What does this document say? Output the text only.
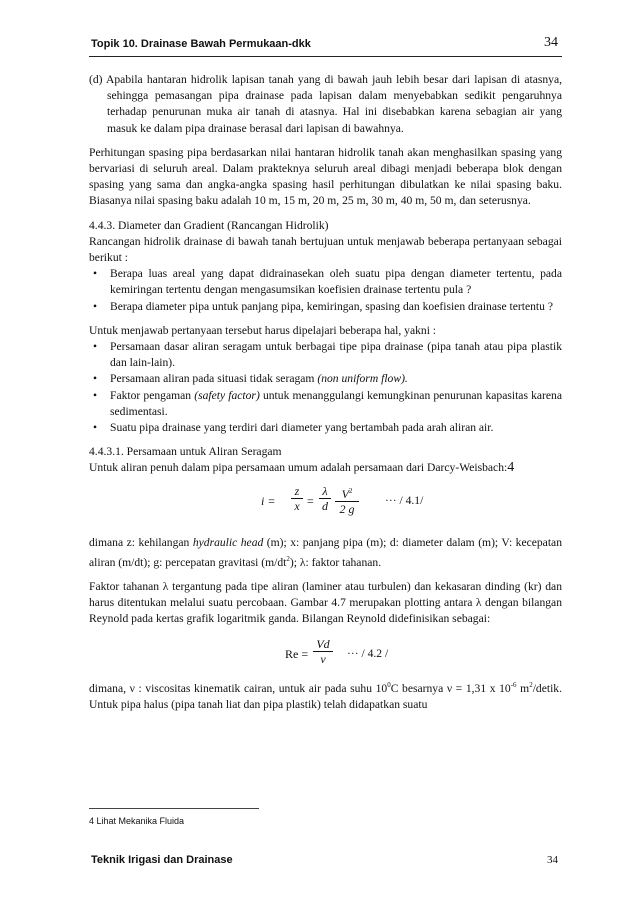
Topik 10. Drainase Bawah Permukaan-dkk	34

(d) Apabila hantaran hidrolik lapisan tanah yang di bawah jauh lebih besar dari lapisan di atasnya, sehingga pemasangan pipa drainase pada lapisan dalam menyebabkan sedikit pengaruhnya terhadap penurunan muka air tanah di atasnya. Hal ini disebabkan karena sebagian air yang masuk ke dalam pipa drainase berasal dari lapisan di bawahnya.

Perhitungan spasing pipa berdasarkan nilai hantaran hidrolik tanah akan menghasilkan spasing yang bervariasi di seluruh areal. Dalam prakteknya seluruh areal dibagi menjadi beberapa blok dengan spasing yang sama dan angka-angka spasing hasil perhitungan dibulatkan ke nilai spasing baku. Biasanya nilai spasing baku adalah 10 m, 15 m, 20 m, 25 m, 30 m, 40 m, 50 m, dan seterusnya.

4.4.3. Diameter dan Gradient (Rancangan Hidrolik)

Rancangan hidrolik drainase di bawah tanah bertujuan untuk menjawab beberapa pertanyaan sebagai berikut :

• Berapa luas areal yang dapat didrainasekan oleh suatu pipa dengan diameter tertentu, pada kemiringan tertentu dengan mengasumsikan koefisien drainase tertentu pula ?
• Berapa diameter pipa untuk panjang pipa, kemiringan, spasing dan koefisien drainase tertentu ?

Untuk menjawab pertanyaan tersebut harus dipelajari beberapa hal, yakni :

• Persamaan dasar aliran seragam untuk berbagai tipe pipa drainase (pipa tanah atau pipa plastik dan lain-lain).
• Persamaan aliran pada situasi tidak seragam (non uniform flow).
• Faktor pengaman (safety factor) untuk menanggulangi kemungkinan penurunan kapasitas karena sedimentasi.
• Suatu pipa drainase yang terdiri dari diameter yang bertambah pada arah aliran air.

4.4.3.1. Persamaan untuk Aliran Seragam

Untuk aliran penuh dalam pipa persamaan umum adalah persamaan dari Darcy-Weisbach:4

$i = \frac{z}{x} = \frac{\lambda}{d} \frac{V^2}{2 g}$ ··· / 4.1/

dimana z: kehilangan hydraulic head (m); x: panjang pipa (m); d: diameter dalam (m); V: kecepatan aliran (m/dt); g: percepatan gravitasi $(m/dt^2)$; λ: faktor tahanan.

Faktor tahanan λ tergantung pada tipe aliran (laminer atau turbulen) dan kekasaran dinding (kr) dan harus ditentukan melalui suatu percobaan. Gambar 4.7 merupakan plotting antara λ dengan bilangan Reynold pada kertas grafik logaritmik ganda. Bilangan Reynold didefinisikan sebagai:

$Re = \frac{Vd}{\nu}$ ··· / 4.2 /

dimana, ν : viscositas kinematik cairan, untuk air pada suhu $10^0C$ besarnya ν = 1,31 x $10^{-6}$ $m^2$/detik. Untuk pipa halus (pipa tanah liat dan pipa plastik) telah didapatkan suatu

4 Lihat Mekanika Fluida
Teknik Irigasi dan Drainase	34
